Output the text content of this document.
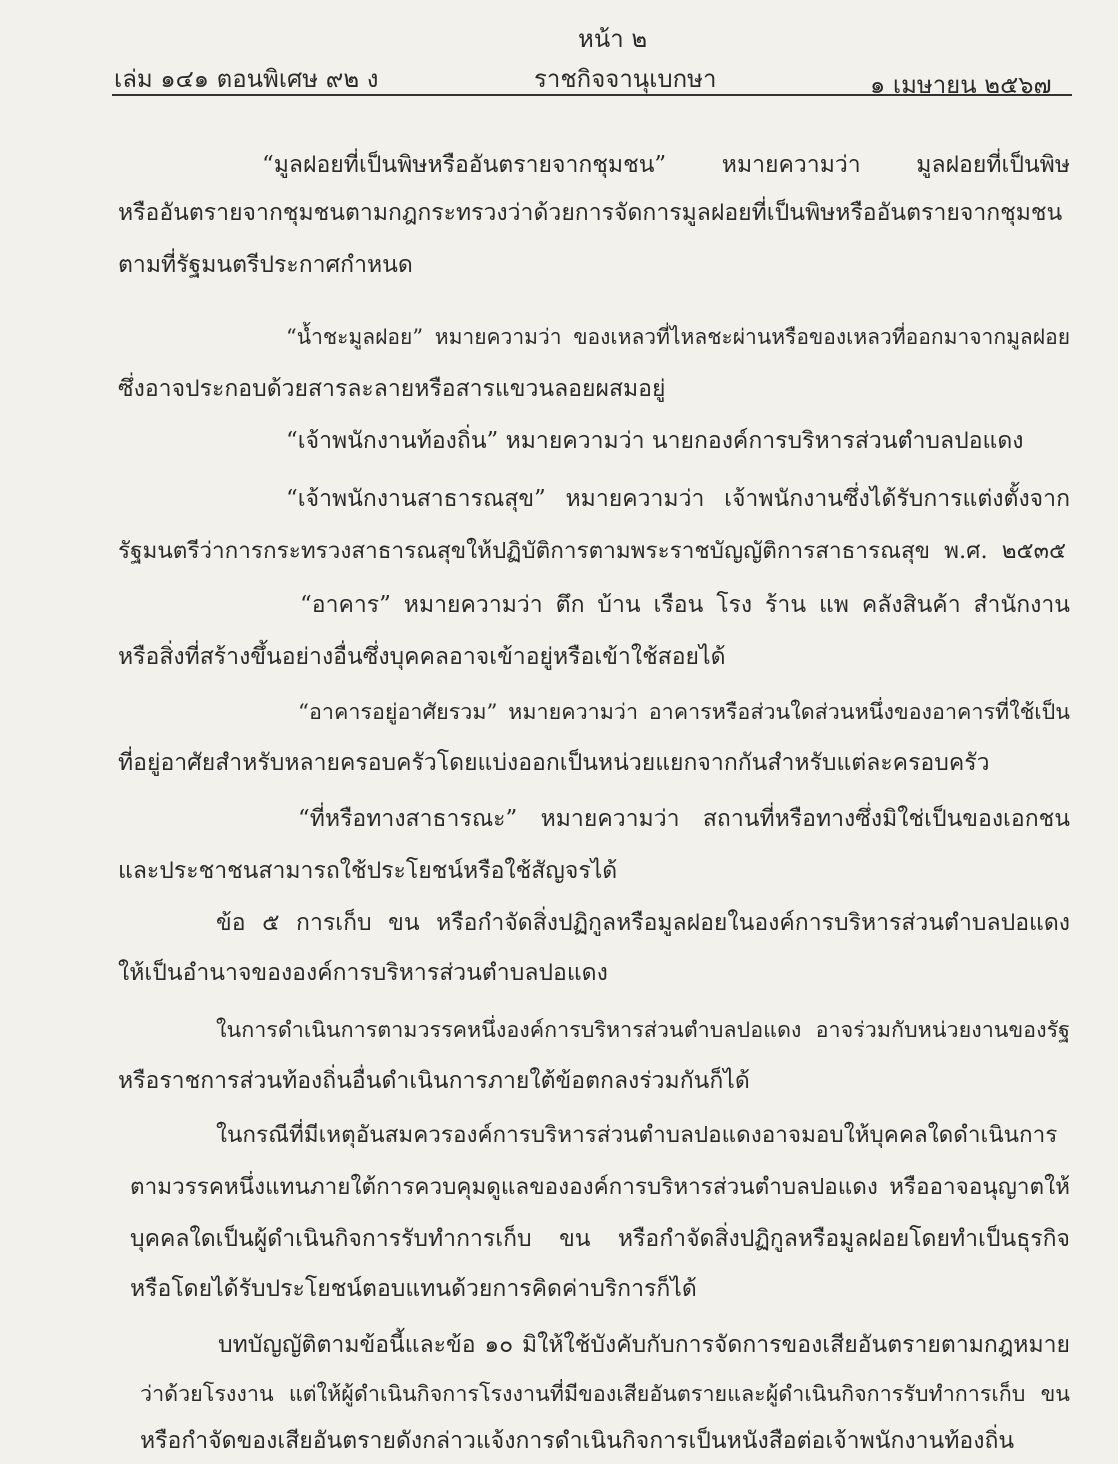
หน้า ๒
เล่ม ๑๔๑ ตอนพิเศษ ๙๒ ง	ราชกิจจานุเบกษา	๑ เมษายน ๒๕๖๗
“มูลฝอยที่เป็นพิษหรืออันตรายจากชุมชน” หมายความว่า มูลฝอยที่เป็นพิษ
หรืออันตรายจากชุมชนตามกฎกระทรวงว่าด้วยการจัดการมูลฝอยที่เป็นพิษหรืออันตรายจากชุมชน
ตามที่รัฐมนตรีประกาศกำหนด
“น้ำชะมูลฝอย” หมายความว่า ของเหลวที่ไหลชะผ่านหรือของเหลวที่ออกมาจากมูลฝอย
ซึ่งอาจประกอบด้วยสารละลายหรือสารแขวนลอยผสมอยู่
“เจ้าพนักงานท้องถิ่น” หมายความว่า นายกองค์การบริหารส่วนตำบลปอแดง
“เจ้าพนักงานสาธารณสุข” หมายความว่า เจ้าพนักงานซึ่งได้รับการแต่งตั้งจาก
รัฐมนตรีว่าการกระทรวงสาธารณสุขให้ปฏิบัติการตามพระราชบัญญัติการสาธารณสุข พ.ศ. ๒๕๓๕
“อาคาร” หมายความว่า ตึก บ้าน เรือน โรง ร้าน แพ คลังสินค้า สำนักงาน
หรือสิ่งที่สร้างขึ้นอย่างอื่นซึ่งบุคคลอาจเข้าอยู่หรือเข้าใช้สอยได้
“อาคารอยู่อาศัยรวม” หมายความว่า อาคารหรือส่วนใดส่วนหนึ่งของอาคารที่ใช้เป็น
ที่อยู่อาศัยสำหรับหลายครอบครัวโดยแบ่งออกเป็นหน่วยแยกจากกันสำหรับแต่ละครอบครัว
“ที่หรือทางสาธารณะ” หมายความว่า สถานที่หรือทางซึ่งมิใช่เป็นของเอกชน
และประชาชนสามารถใช้ประโยชน์หรือใช้สัญจรได้
ข้อ ๕ การเก็บ ขน หรือกำจัดสิ่งปฏิกูลหรือมูลฝอยในองค์การบริหารส่วนตำบลปอแดง
ให้เป็นอำนาจขององค์การบริหารส่วนตำบลปอแดง
ในการดำเนินการตามวรรคหนึ่งองค์การบริหารส่วนตำบลปอแดง อาจร่วมกับหน่วยงานของรัฐ
หรือราชการส่วนท้องถิ่นอื่นดำเนินการภายใต้ข้อตกลงร่วมกันก็ได้
ในกรณีที่มีเหตุอันสมควรองค์การบริหารส่วนตำบลปอแดงอาจมอบให้บุคคลใดดำเนินการ
ตามวรรคหนึ่งแทนภายใต้การควบคุมดูแลขององค์การบริหารส่วนตำบลปอแดง หรืออาจอนุญาตให้
บุคคลใดเป็นผู้ดำเนินกิจการรับทำการเก็บ ขน หรือกำจัดสิ่งปฏิกูลหรือมูลฝอยโดยทำเป็นธุรกิจ
หรือโดยได้รับประโยชน์ตอบแทนด้วยการคิดค่าบริการก็ได้
บทบัญญัติตามข้อนี้และข้อ ๑๐ มิให้ใช้บังคับกับการจัดการของเสียอันตรายตามกฎหมาย
ว่าด้วยโรงงาน แต่ให้ผู้ดำเนินกิจการโรงงานที่มีของเสียอันตรายและผู้ดำเนินกิจการรับทำการเก็บ ขน
หรือกำจัดของเสียอันตรายดังกล่าวแจ้งการดำเนินกิจการเป็นหนังสือต่อเจ้าพนักงานท้องถิ่น
